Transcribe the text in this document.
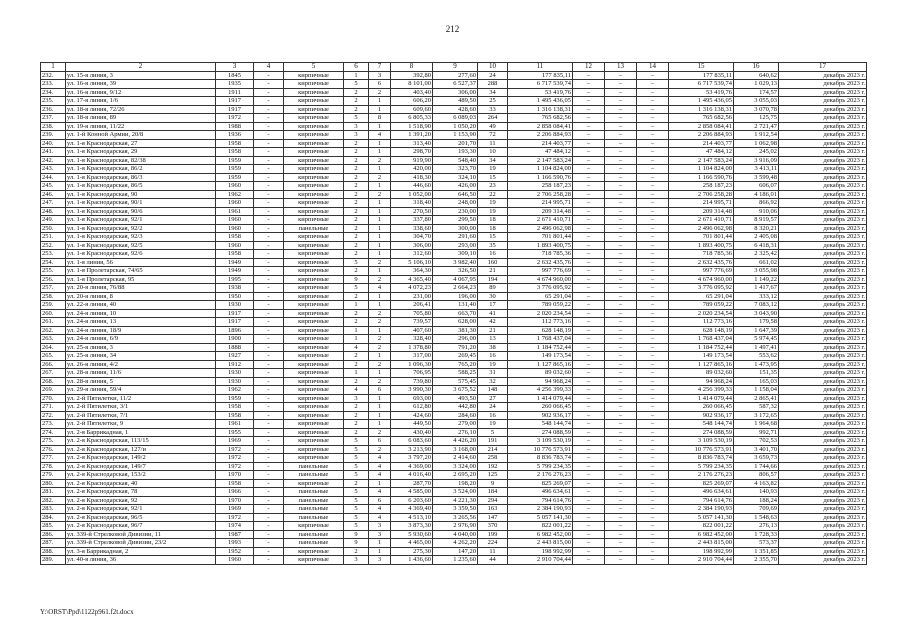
212
1	2	3	4	5	6	7	8	9	10	11	12	13	14	15	16	17
232.	ул. 15-я линия, 3	1845	-	кирпичные	1	3	392,80	277,60	24	177 835,11	–	–	–	177 835,11	640,62	декабрь 2023 г.
233.	ул. 16-я линия, 39	1935	-	кирпичные	5	6	8 101,00	6 527,37	288	6 717 539,74	–	–	–	6 717 539,74	1 029,13	декабрь 2023 г.
234.	ул. 16-я линия, 9/12	1911	-	кирпичные	2	2	403,40	306,00	34	53 419,76	–	–	–	53 419,76	174,57	декабрь 2023 г.
235.	ул. 17-я линия, 1/6	1917	-	кирпичные	2	1	606,20	489,50	25	1 495 436,05	–	–	–	1 495 436,05	3 055,03	декабрь 2023 г.
236.	ул. 18-я линия, 72/26	1917	-	кирпичные	2	1	609,60	428,60	33	1 316 138,31	–	–	–	1 316 138,31	3 070,78	декабрь 2023 г.
237.	ул. 18-я линия, 89	1972	-	кирпичные	5	8	6 805,33	6 089,03	264	765 682,56	–	–	–	765 682,56	125,75	декабрь 2023 г.
238.	ул. 19-я линия, 11/22	1988	-	кирпичные	3	1	1 518,90	1 050,20	49	2 858 084,41	–	–	–	2 858 084,41	2 721,47	декабрь 2023 г.
239.	ул. 1-й Конной Армии, 20/8	1936	-	кирпичные	3	4	1 391,20	1 153,90	72	2 206 884,93	–	–	–	2 206 884,93	1 912,54	декабрь 2023 г.
240.	ул. 1-я Краснодарская, 27	1958	-	кирпичные	2	1	313,40	201,70	11	214 403,77	–	–	–	214 403,77	1 062,98	декабрь 2023 г.
241.	ул. 1-я Краснодарская, 29	1958	-	кирпичные	2	1	298,70	193,30	10	47 484,12	–	–	–	47 484,12	245,02	декабрь 2023 г.
242.	ул. 1-я Краснодарская, 82/38	1959	-	кирпичные	2	2	919,90	548,40	34	2 147 583,24	–	–	–	2 147 583,24	3 916,09	декабрь 2023 г.
243.	ул. 1-я Краснодарская, 86/2	1959	-	кирпичные	2	1	420,00	323,70	19	1 104 824,00	–	–	–	1 104 824,00	3 413,11	декабрь 2023 г.
244.	ул. 1-я Краснодарская, 86/3	1959	-	кирпичные	2	2	418,30	324,10	15	1 166 590,76	–	–	–	1 166 590,76	3 599,48	декабрь 2023 г.
245.	ул. 1-я Краснодарская, 86/5	1960	-	кирпичные	2	1	446,60	426,00	23	258 187,23	–	–	–	258 187,23	606,07	декабрь 2023 г.
246.	ул. 1-я Краснодарская, 90	1962	-	кирпичные	2	2	1 052,00	646,50	22	2 706 258,28	–	–	–	2 706 258,28	4 186,01	декабрь 2023 г.
247.	ул. 1-я Краснодарская, 90/1	1960	-	кирпичные	2	1	318,40	248,00	19	214 995,71	–	–	–	214 995,71	866,92	декабрь 2023 г.
248.	ул. 1-я Краснодарская, 90/6	1961	-	кирпичные	2	1	270,50	230,00	19	209 314,48	–	–	–	209 314,48	910,06	декабрь 2023 г.
249.	ул. 1-я Краснодарская, 92/1	1960	-	кирпичные	2	1	337,80	299,50	18	2 671 410,71	–	–	–	2 671 410,71	8 919,57	декабрь 2023 г.
250.	ул. 1-я Краснодарская, 92/2	1960	-	панельные	2	1	338,60	300,00	18	2 496 062,98	–	–	–	2 496 062,98	8 320,21	декабрь 2023 г.
251.	ул. 1-я Краснодарская, 92/3	1958	-	кирпичные	2	1	304,70	291,60	15	701 801,44	–	–	–	701 801,44	2 405,08	декабрь 2023 г.
252.	ул. 1-я Краснодарская, 92/5	1960	-	кирпичные	2	1	306,00	293,00	35	1 893 400,75	–	–	–	1 893 400,75	6 418,31	декабрь 2023 г.
253.	ул. 1-я Краснодарская, 92/6	1958	-	кирпичные	2	1	312,60	309,10	16	718 785,36	–	–	–	718 785,36	2 325,42	декабрь 2023 г.
254.	ул. 1-я линия, 56	1949	-	кирпичные	5	2	5 106,10	3 982,40	160	2 632 435,76	–	–	–	2 632 435,76	661,02	декабрь 2023 г.
255.	ул. 1-я Пролетарская, 74/65	1949	-	кирпичные	2	1	364,30	326,50	21	997 776,69	–	–	–	997 776,69	3 055,98	декабрь 2023 г.
256.	ул. 1-я Пролетарская, 95	1995	-	кирпичные	9	2	4 365,40	4 067,95	194	4 674 960,00	–	–	–	4 674 960,00	1 149,22	декабрь 2023 г.
257.	ул. 20-я линия, 76/88	1938	-	кирпичные	5	4	4 072,23	2 664,23	89	3 776 095,92	–	–	–	3 776 095,92	1 417,67	декабрь 2023 г.
258.	ул. 20-я линия, 8	1950	-	кирпичные	2	1	231,00	196,00	30	65 291,04	–	–	–	65 291,04	333,12	декабрь 2023 г.
259.	ул. 22-я линия, 40	1930	-	кирпичные	1	1	206,41	131,40	17	789 059,22	–	–	–	789 059,22	7 083,12	декабрь 2023 г.
260.	ул. 24-я линия, 10	1917	-	кирпичные	2	2	705,80	663,70	41	2 020 234,54	–	–	–	2 020 234,54	3 043,90	декабрь 2023 г.
261.	ул. 24-я линия, 13	1917	-	кирпичные	2	2	739,57	628,00	42	112 773,16	–	–	–	112 773,16	179,58	декабрь 2023 г.
262.	ул. 24-я линия, 18/9	1896	-	кирпичные	1	1	407,60	381,30	21	628 148,19	–	–	–	628 148,19	1 647,39	декабрь 2023 г.
263.	ул. 24-я линия, 6/9	1900	-	кирпичные	1	2	328,40	296,00	13	1 768 437,04	–	–	–	1 768 437,04	5 974,45	декабрь 2023 г.
264.	ул. 25-я линия, 3	1888	-	кирпичные	4	2	1 378,80	791,20	38	1 184 752,44	–	–	–	1 184 752,44	1 497,41	декабрь 2023 г.
265.	ул. 25-я линия, 34	1927	-	кирпичные	2	1	317,00	269,45	16	149 173,54	–	–	–	149 173,54	553,62	декабрь 2023 г.
266.	ул. 26-я линия, 4/2	1912	-	кирпичные	2	2	1 096,30	765,20	19	1 127 865,16	–	–	–	1 127 865,16	1 473,95	декабрь 2023 г.
267.	ул. 28-я линия, 11/6	1930	-	кирпичные	1	1	706,95	588,25	31	89 032,60	–	–	–	89 032,60	151,35	декабрь 2023 г.
268.	ул. 28-я линия, 5	1930	-	кирпичные	2	2	739,80	575,45	32	94 968,24	–	–	–	94 968,24	165,03	декабрь 2023 г.
269.	ул. 29-я линия, 59/4	1962	-	кирпичные	4	6	3 990,30	3 675,52	148	4 256 399,33	–	–	–	4 256 399,33	1 158,04	декабрь 2023 г.
270.	ул. 2-й Пятилетки, 11/2	1959	-	кирпичные	3	1	693,00	493,50	27	1 414 079,44	–	–	–	1 414 079,44	2 865,41	декабрь 2023 г.
271.	ул. 2-й Пятилетки, 3/1	1958	-	кирпичные	2	1	612,80	442,80	24	260 066,45	–	–	–	260 066,45	587,32	декабрь 2023 г.
272.	ул. 2-й Пятилетки, 7/1	1958	-	кирпичные	2	1	424,60	284,60	16	902 936,17	–	–	–	902 936,17	3 172,65	декабрь 2023 г.
273.	ул. 2-й Пятилетки, 9	1961	-	кирпичные	2	1	449,50	279,00	19	548 144,74	–	–	–	548 144,74	1 964,68	декабрь 2023 г.
274.	ул. 2-я Баррикадная, 1	1955	-	кирпичные	2	2	430,40	276,10	5	274 088,59	–	–	–	274 088,59	992,71	декабрь 2023 г.
275.	ул. 2-я Краснодарская, 113/15	1969	-	кирпичные	5	6	6 083,60	4 426,20	191	3 109 530,19	–	–	–	3 109 530,19	702,53	декабрь 2023 г.
276.	ул. 2-я Краснодарская, 127/и	1972	-	кирпичные	5	2	3 213,90	3 168,00	214	10 776 573,91	–	–	–	10 776 573,91	3 401,70	декабрь 2023 г.
277.	ул. 2-я Краснодарская, 149/2	1972	-	кирпичные	5	4	3 797,20	2 414,60	258	8 836 783,74	–	–	–	8 836 783,74	3 659,73	декабрь 2023 г.
278.	ул. 2-я Краснодарская, 149/7	1972	-	панельные	5	4	4 369,00	3 324,00	192	5 799 234,35	–	–	–	5 799 234,35	1 744,66	декабрь 2023 г.
279.	ул. 2-я Краснодарская, 153/2	1970	-	панельные	5	4	4 016,40	2 695,20	125	2 176 276,23	–	–	–	2 176 276,23	806,57	декабрь 2023 г.
280.	ул. 2-я Краснодарская, 40	1958	-	кирпичные	2	1	287,70	198,20	9	825 269,07	–	–	–	825 269,07	4 163,82	декабрь 2023 г.
281.	ул. 2-я Краснодарская, 78	1966	-	панельные	5	4	4 585,00	3 524,00	184	496 634,61	–	–	–	496 634,61	140,93	декабрь 2023 г.
282.	ул. 2-я Краснодарская, 92	1970	-	панельные	5	6	6 203,60	4 221,30	294	794 614,76	–	–	–	794 614,76	188,24	декабрь 2023 г.
283.	ул. 2-я Краснодарская, 92/1	1969	-	панельные	5	4	4 369,40	3 359,50	163	2 384 190,93	–	–	–	2 384 190,93	709,69	декабрь 2023 г.
284.	ул. 2-я Краснодарская, 96/5	1972	-	панельные	5	4	4 513,10	3 265,56	147	5 057 141,30	–	–	–	5 057 141,30	1 548,63	декабрь 2023 г.
285.	ул. 2-я Краснодарская, 96/7	1974	-	кирпичные	5	3	3 873,30	2 976,90	370	822 001,22	–	–	–	822 001,22	276,13	декабрь 2023 г.
286.	ул. 339-й Стрелковой Дивизии, 11	1987	-	панельные	9	3	5 930,60	4 040,00	199	6 982 452,00	–	–	–	6 982 452,00	1 728,33	декабрь 2023 г.
287.	ул. 339-й Стрелковой Дивизии, 23/2	1993	-	панельные	9	1	4 465,00	4 262,20	224	2 443 815,00	–	–	–	2 443 815,00	573,37	декабрь 2023 г.
288.	ул. 3-я Баррикадная, 2	1952	-	кирпичные	2	1	275,30	147,20	11	198 992,99	–	–	–	198 992,99	1 351,85	декабрь 2023 г.
289.	ул. 40-я линия, 36	1960	-	кирпичные	3	3	1 436,60	1 235,60	44	2 910 704,44	–	–	–	2 910 704,44	2 355,70	декабрь 2023 г.
Y:\ORST\Ppd\1122p961.f2t.docx
